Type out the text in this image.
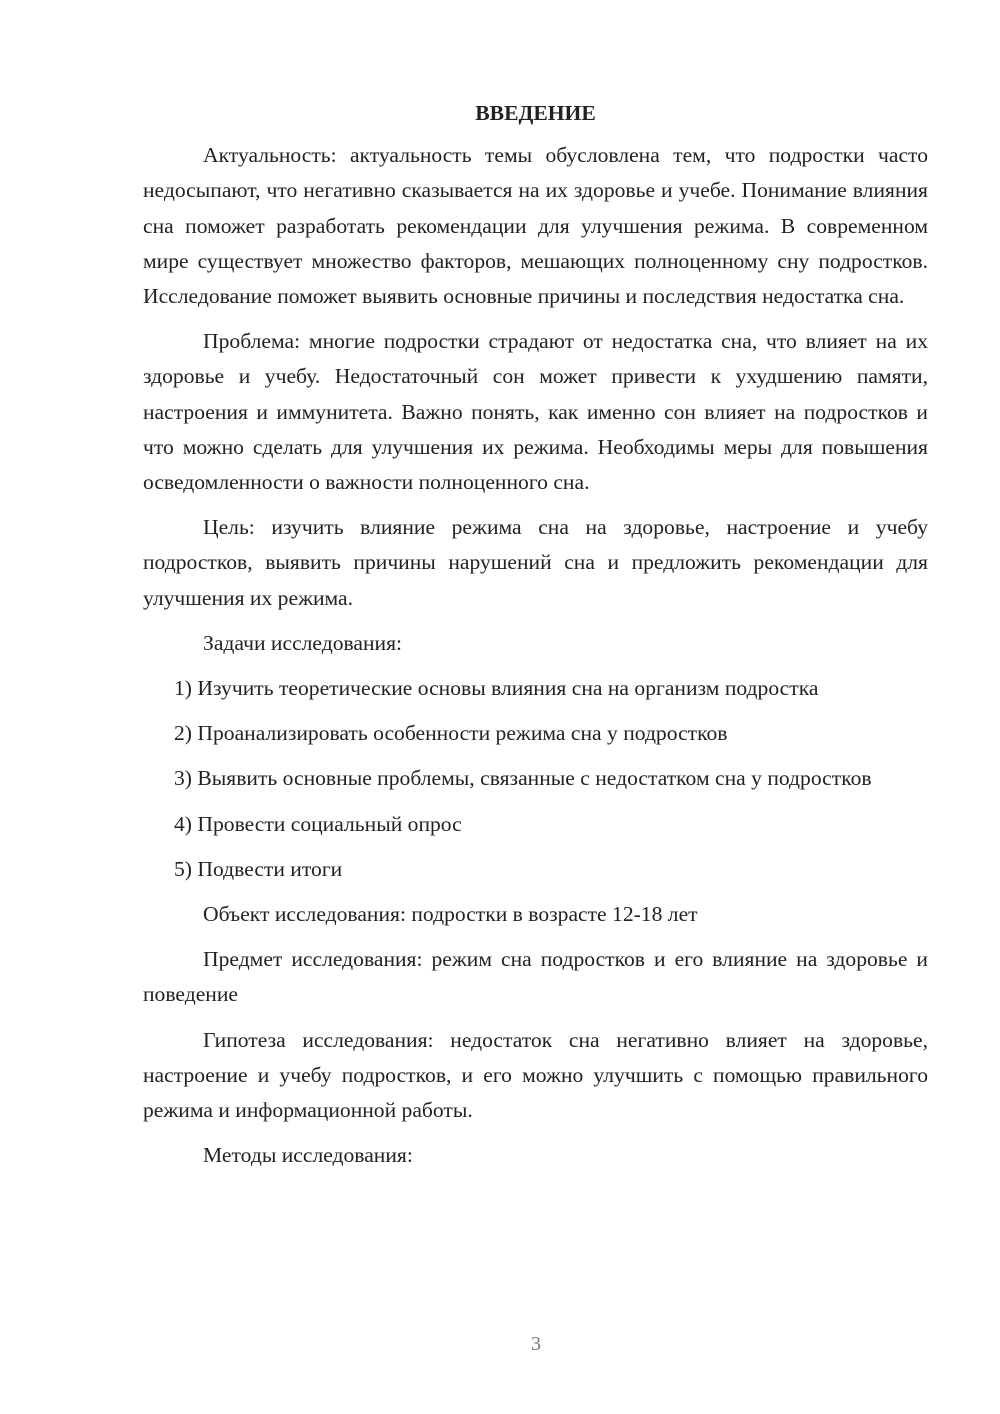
ВВЕДЕНИЕ

Актуальность: актуальность темы обусловлена тем, что подростки часто недосыпают, что негативно сказывается на их здоровье и учебе. Понимание влияния сна поможет разработать рекомендации для улучшения режима. В современном мире существует множество факторов, мешающих полноценному сну подростков. Исследование поможет выявить основные причины и последствия недостатка сна.

Проблема: многие подростки страдают от недостатка сна, что влияет на их здоровье и учебу. Недостаточный сон может привести к ухудшению памяти, настроения и иммунитета. Важно понять, как именно сон влияет на подростков и что можно сделать для улучшения их режима. Необходимы меры для повышения осведомленности о важности полноценного сна.

Цель: изучить влияние режима сна на здоровье, настроение и учебу подростков, выявить причины нарушений сна и предложить рекомендации для улучшения их режима.

Задачи исследования:

1) Изучить теоретические основы влияния сна на организм подростка

2) Проанализировать особенности режима сна у подростков

3) Выявить основные проблемы, связанные с недостатком сна у подростков

4) Провести социальный опрос

5) Подвести итоги

Объект исследования: подростки в возрасте 12-18 лет

Предмет исследования: режим сна подростков и его влияние на здоровье и поведение

Гипотеза исследования: недостаток сна негативно влияет на здоровье, настроение и учебу подростков, и его можно улучшить с помощью правильного режима и информационной работы.

Методы исследования:

3
